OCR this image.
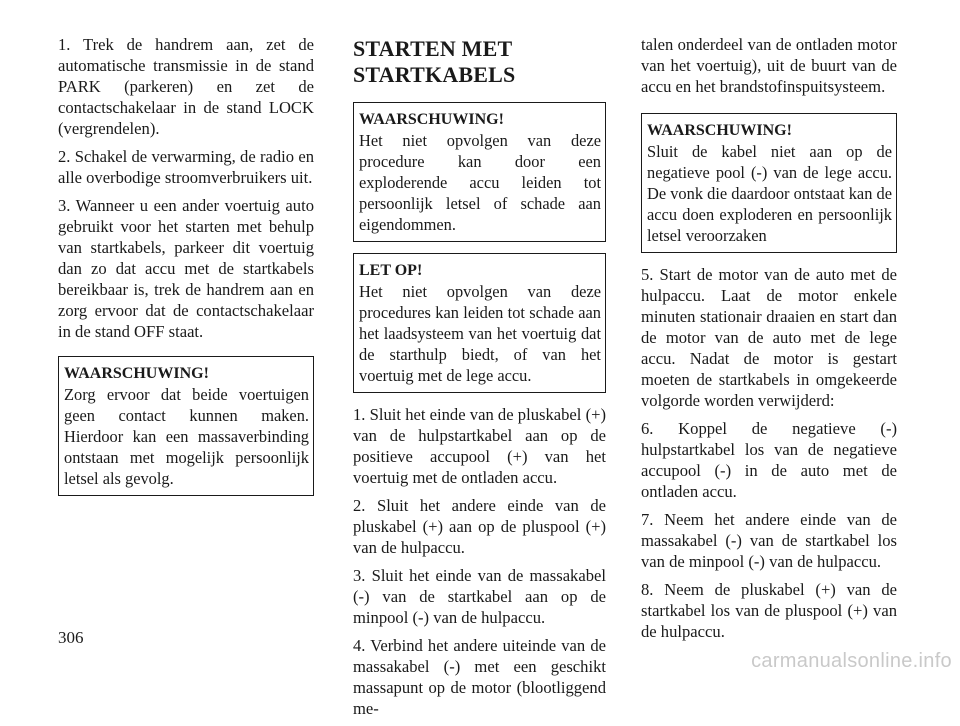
1. Trek de handrem aan, zet de automatische transmissie in de stand PARK (parkeren) en zet de contactschakelaar in de stand LOCK (vergrendelen).

2. Schakel de verwarming, de radio en alle overbodige stroomverbruikers uit.

3. Wanneer u een ander voertuig auto gebruikt voor het starten met behulp van startkabels, parkeer dit voertuig dan zo dat accu met de startkabels bereikbaar is, trek de handrem aan en zorg ervoor dat de contactschakelaar in de stand OFF staat.

WAARSCHUWING!
Zorg ervoor dat beide voertuigen geen contact kunnen maken. Hierdoor kan een massaverbinding ontstaan met mogelijk persoonlijk letsel als gevolg.
STARTEN MET STARTKABELS
WAARSCHUWING!
Het niet opvolgen van deze procedure kan door een exploderende accu leiden tot persoonlijk letsel of schade aan eigendommen.
LET OP!
Het niet opvolgen van deze procedures kan leiden tot schade aan het laadsysteem van het voertuig dat de starthulp biedt, of van het voertuig met de lege accu.

1. Sluit het einde van de pluskabel (+) van de hulpstartkabel aan op de positieve accupool (+) van het voertuig met de ontladen accu.

2. Sluit het andere einde van de pluskabel (+) aan op de pluspool (+) van de hulpaccu.

3. Sluit het einde van de massakabel (-) van de startkabel aan op de minpool (-) van de hulpaccu.

4. Verbind het andere uiteinde van de massakabel (-) met een geschikt massapunt op de motor (blootliggend me-

talen onderdeel van de ontladen motor van het voertuig), uit de buurt van de accu en het brandstofinspuitsysteem.

WAARSCHUWING!
Sluit de kabel niet aan op de negatieve pool (-) van de lege accu. De vonk die daardoor ontstaat kan de accu doen exploderen en persoonlijk letsel veroorzaken

5. Start de motor van de auto met de hulpaccu. Laat de motor enkele minuten stationair draaien en start dan de motor van de auto met de lege accu. Nadat de motor is gestart moeten de startkabels in omgekeerde volgorde worden verwijderd:

6. Koppel de negatieve (-) hulpstartkabel los van de negatieve accupool (-) in de auto met de ontladen accu.

7. Neem het andere einde van de massakabel (-) van de startkabel los van de minpool (-) van de hulpaccu.

8. Neem de pluskabel (+) van de startkabel los van de pluspool (+) van de hulpaccu.

306
carmanualsonline.info
